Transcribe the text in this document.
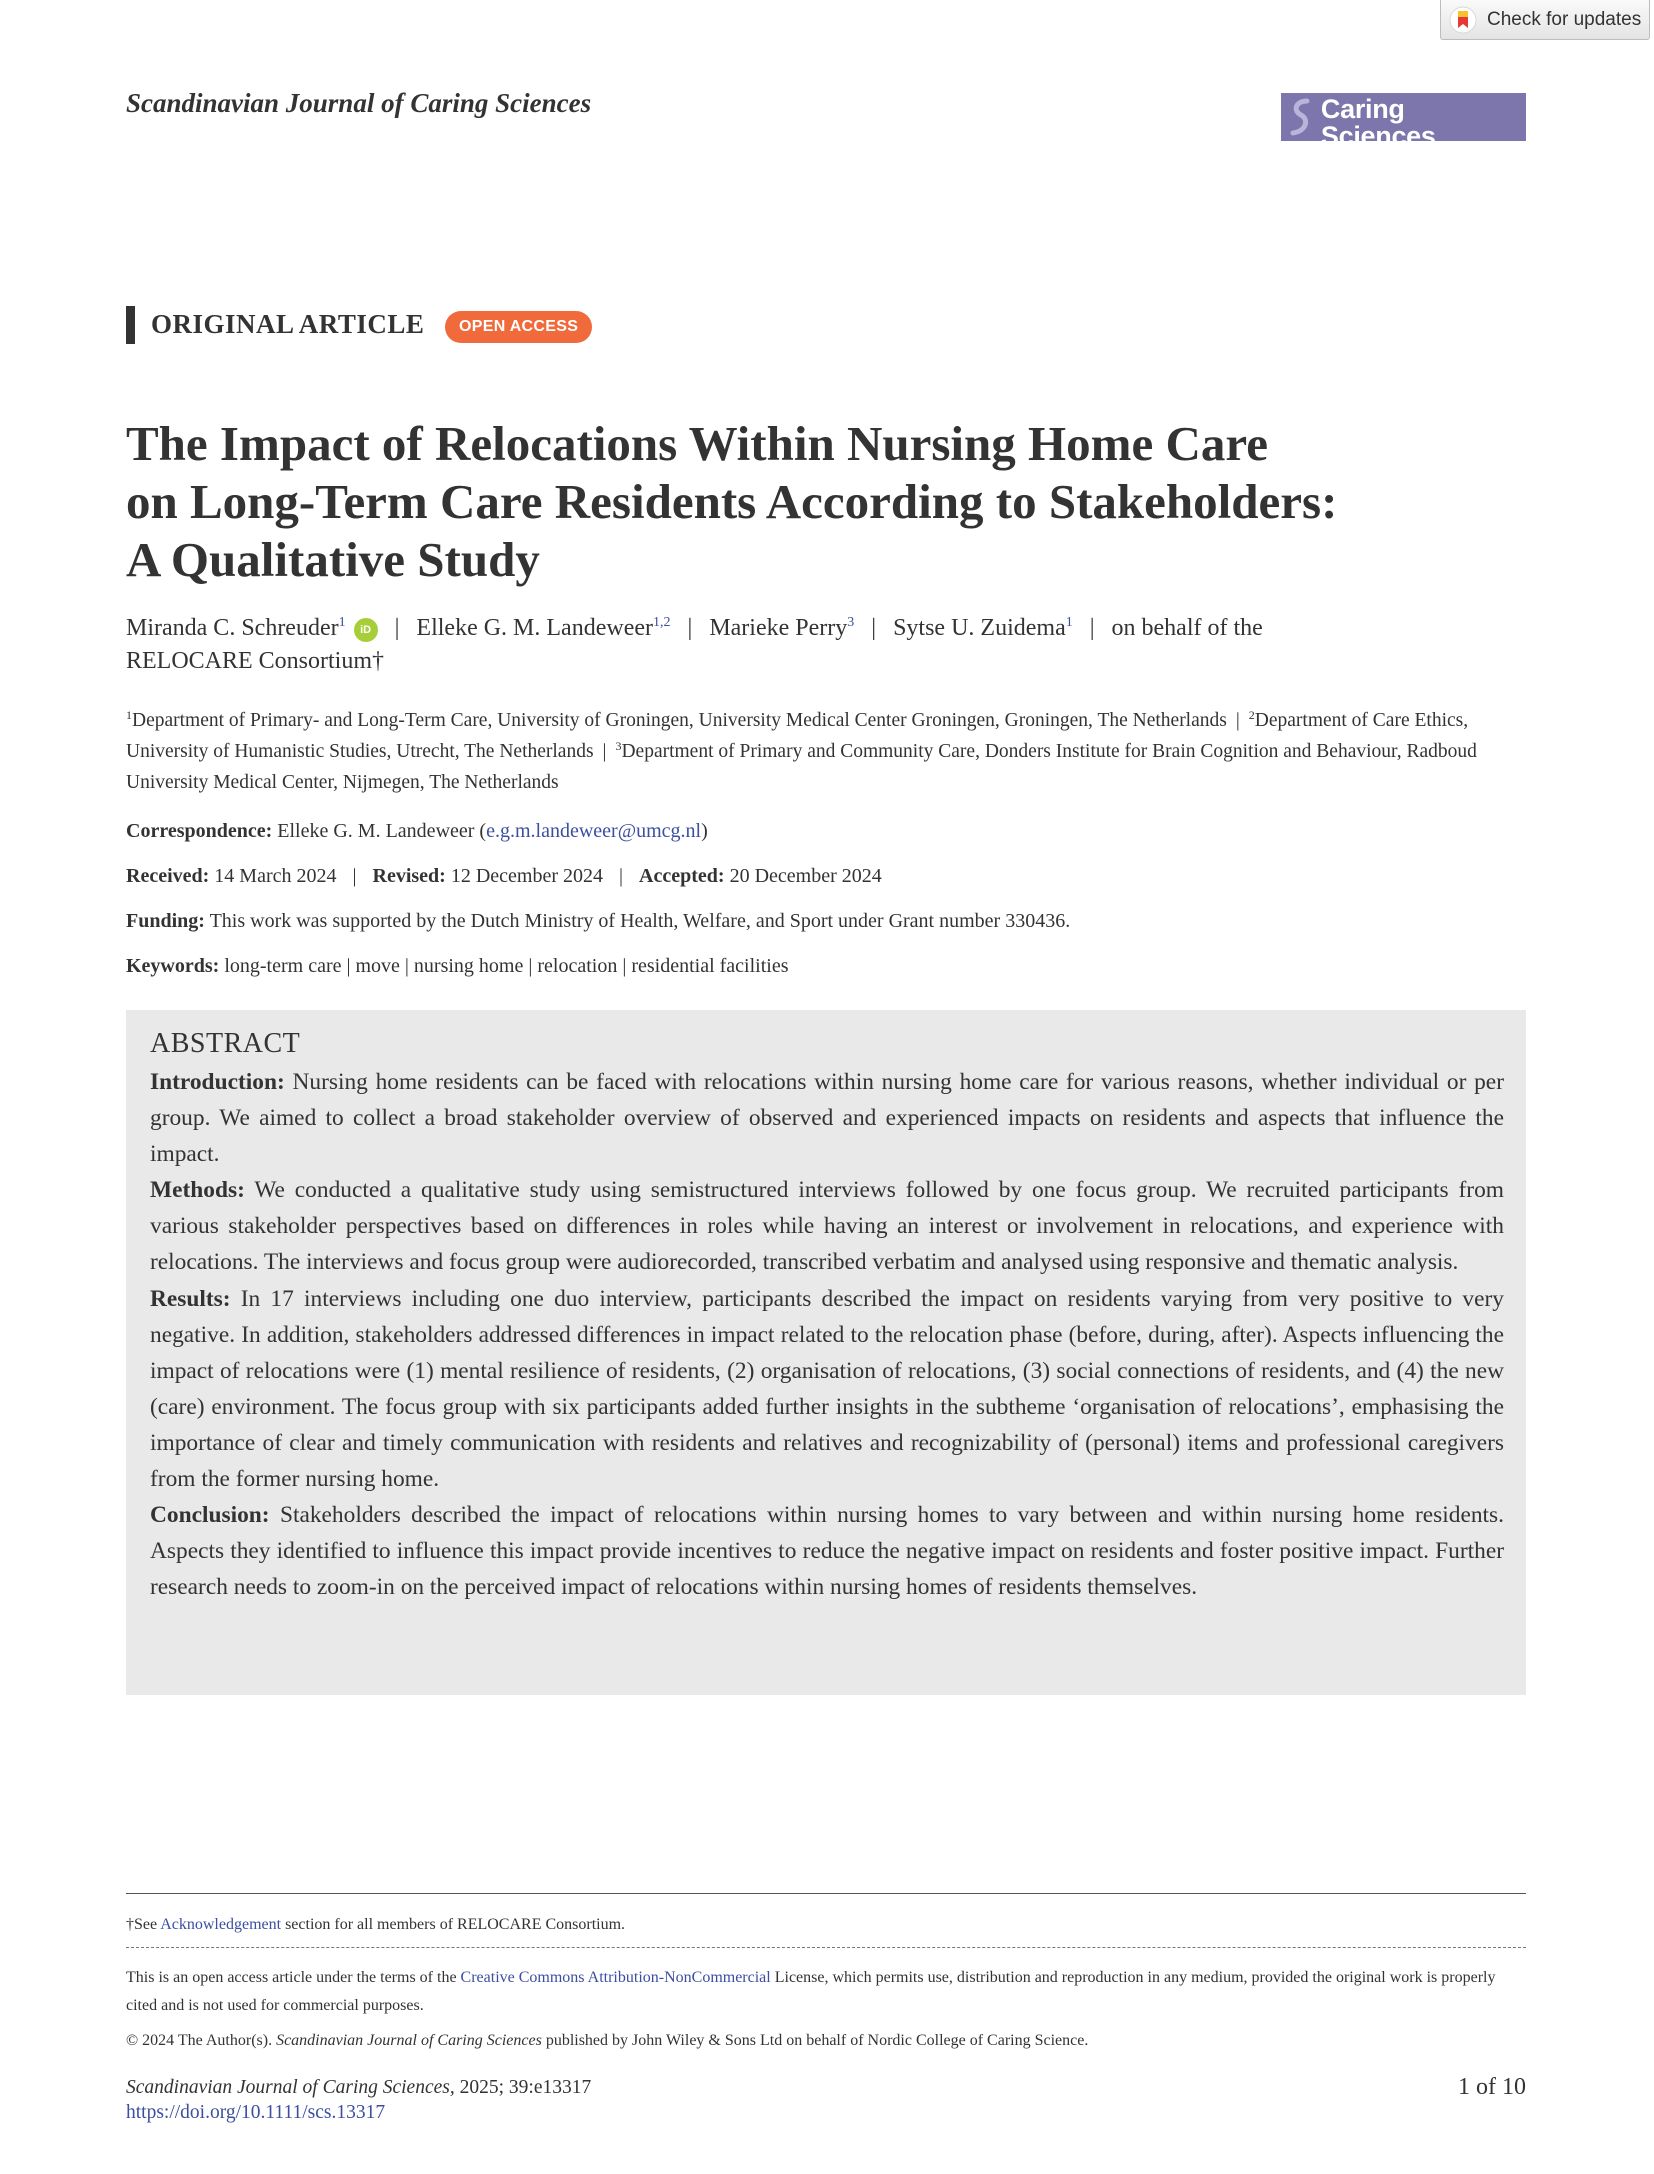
Check for updates
Scandinavian Journal of Caring Sciences	Scandinavian Journal of
Caring Sciences
ORIGINAL ARTICLE	OPEN ACCESS
The Impact of Relocations Within Nursing Home Care
on Long-Term Care Residents According to Stakeholders:
A Qualitative Study
Miranda C. Schreuder$^1$ iD | Elleke G. M. Landeweer$^{1,2}$ | Marieke Perry$^3$ | Sytse U. Zuidema$^1$ | on behalf of the
RELOCARE Consortium†
$^1$Department of Primary- and Long-Term Care, University of Groningen, University Medical Center Groningen, Groningen, The Netherlands | $^2$Department of Care Ethics, University of Humanistic Studies, Utrecht, The Netherlands | $^3$Department of Primary and Community Care, Donders Institute for Brain Cognition and Behaviour, Radboud University Medical Center, Nijmegen, The Netherlands
Correspondence: Elleke G. M. Landeweer (e.g.m.landeweer@umcg.nl)
Received: 14 March 2024 | Revised: 12 December 2024 | Accepted: 20 December 2024
Funding: This work was supported by the Dutch Ministry of Health, Welfare, and Sport under Grant number 330436.
Keywords: long-term care | move | nursing home | relocation | residential facilities
ABSTRACT

Introduction: Nursing home residents can be faced with relocations within nursing home care for various reasons, whether individual or per group. We aimed to collect a broad stakeholder overview of observed and experienced impacts on residents and aspects that influence the impact.

Methods: We conducted a qualitative study using semistructured interviews followed by one focus group. We recruited participants from various stakeholder perspectives based on differences in roles while having an interest or involvement in relocations, and experience with relocations. The interviews and focus group were audiorecorded, transcribed verbatim and analysed using responsive and thematic analysis.

Results: In 17 interviews including one duo interview, participants described the impact on residents varying from very positive to very negative. In addition, stakeholders addressed differences in impact related to the relocation phase (before, during, after). Aspects influencing the impact of relocations were (1) mental resilience of residents, (2) organisation of relocations, (3) social connections of residents, and (4) the new (care) environment. The focus group with six participants added further insights in the subtheme ‘organisation of relocations’, emphasising the importance of clear and timely communication with residents and relatives and recognizability of (personal) items and professional caregivers from the former nursing home.

Conclusion: Stakeholders described the impact of relocations within nursing homes to vary between and within nursing home residents. Aspects they identified to influence this impact provide incentives to reduce the negative impact on residents and foster positive impact. Further research needs to zoom-in on the perceived impact of relocations within nursing homes of residents themselves.

†See Acknowledgement section for all members of RELOCARE Consortium.
This is an open access article under the terms of the Creative Commons Attribution-NonCommercial License, which permits use, distribution and reproduction in any medium, provided the original work is properly cited and is not used for commercial purposes.
© 2024 The Author(s). Scandinavian Journal of Caring Sciences published by John Wiley & Sons Ltd on behalf of Nordic College of Caring Science.
Scandinavian Journal of Caring Sciences, 2025; 39:e13317
https://doi.org/10.1111/scs.13317
1 of 10
